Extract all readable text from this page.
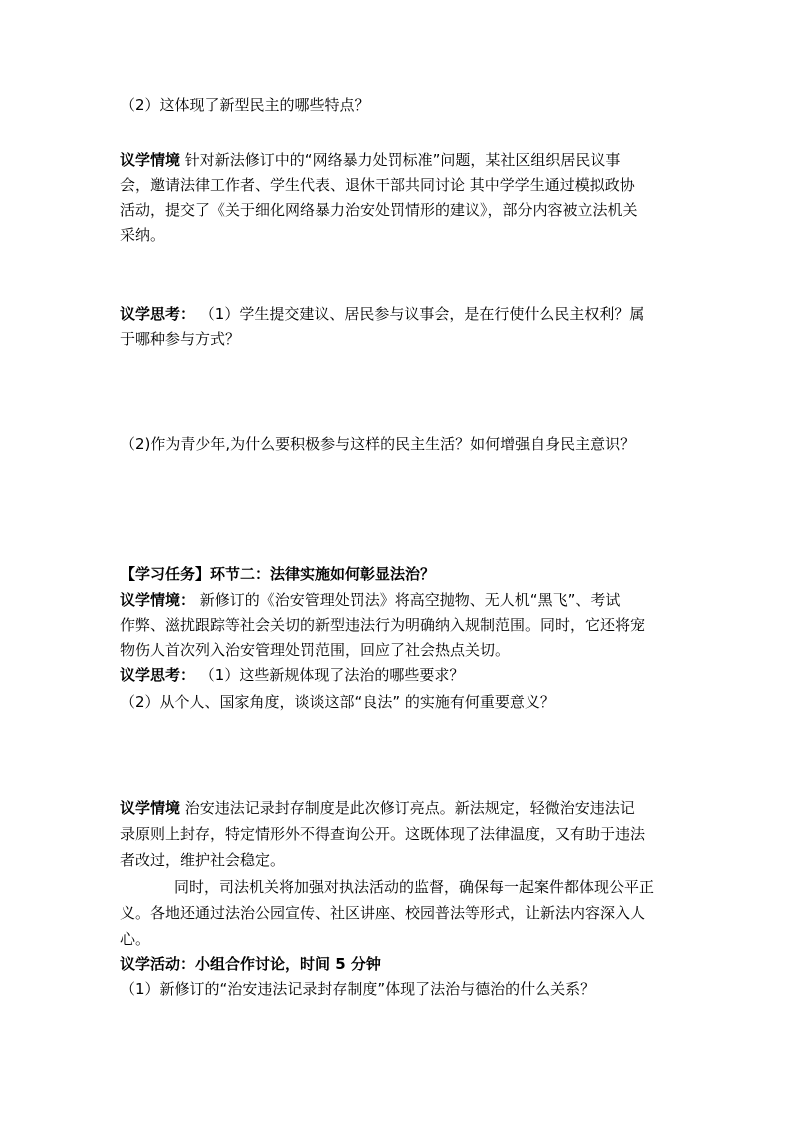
（2）这体现了新型民主的哪些特点？
议学情境 针对新法修订中的“网络暴力处罚标准”问题，某社区组织居民议事
会，邀请法律工作者、学生代表、退休干部共同讨论 其中学学生通过模拟政协
活动，提交了《关于细化网络暴力治安处罚情形的建议》，部分内容被立法机关
采纳。
议学思考： （1）学生提交建议、居民参与议事会，是在行使什么民主权利？属
于哪种参与方式？
（2)作为青少年,为什么要积极参与这样的民主生活？如何增强自身民主意识？
【学习任务】环节二：法律实施如何彰显法治？
议学情境： 新修订的《治安管理处罚法》将高空抛物、无人机“黑飞”、考试
作弊、滋扰跟踪等社会关切的新型违法行为明确纳入规制范围。同时，它还将宠
物伤人首次列入治安管理处罚范围，回应了社会热点关切。
议学思考： （1）这些新规体现了法治的哪些要求？
（2）从个人、国家角度，谈谈这部“良法” 的实施有何重要意义？
议学情境 治安违法记录封存制度是此次修订亮点。新法规定，轻微治安违法记
录原则上封存，特定情形外不得查询公开。这既体现了法律温度，又有助于违法
者改过，维护社会稳定。
同时，司法机关将加强对执法活动的监督，确保每一起案件都体现公平正
义。各地还通过法治公园宣传、社区讲座、校园普法等形式，让新法内容深入人
心。
议学活动：小组合作讨论，时间 5 分钟
（1）新修订的“治安违法记录封存制度”体现了法治与德治的什么关系？
